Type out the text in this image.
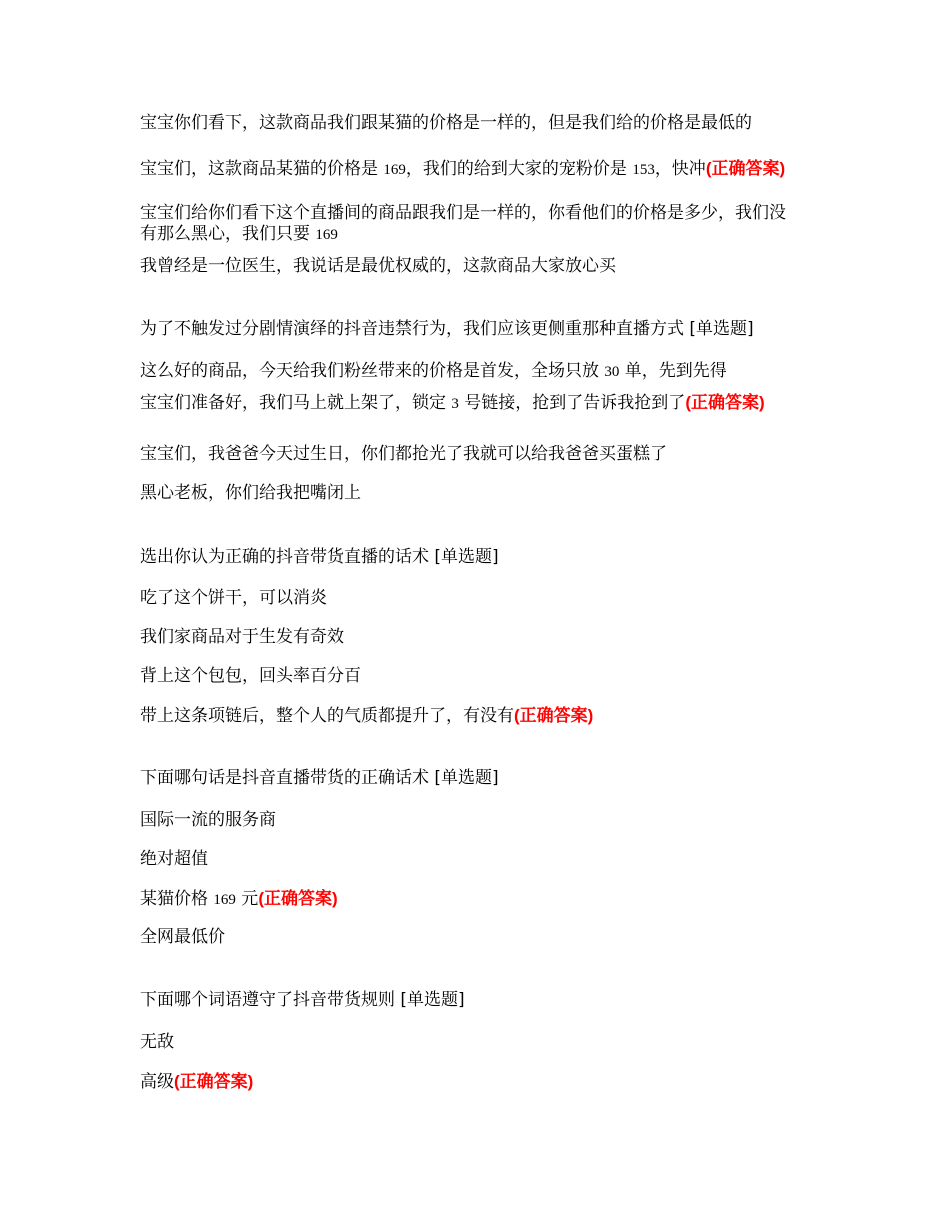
宝宝你们看下，这款商品我们跟某猫的价格是一样的，但是我们给的价格是最低的
宝宝们，这款商品某猫的价格是 169，我们的给到大家的宠粉价是 153，快冲(正确答案)
宝宝们给你们看下这个直播间的商品跟我们是一样的，你看他们的价格是多少，我们没有那么黑心，我们只要 169
我曾经是一位医生，我说话是最优权威的，这款商品大家放心买
为了不触发过分剧情演绎的抖音违禁行为，我们应该更侧重那种直播方式 [单选题]
这么好的商品，今天给我们粉丝带来的价格是首发，全场只放 30 单，先到先得
宝宝们准备好，我们马上就上架了，锁定 3 号链接，抢到了告诉我抢到了(正确答案)
宝宝们，我爸爸今天过生日，你们都抢光了我就可以给我爸爸买蛋糕了
黑心老板，你们给我把嘴闭上
选出你认为正确的抖音带货直播的话术 [单选题]
吃了这个饼干，可以消炎
我们家商品对于生发有奇效
背上这个包包，回头率百分百
带上这条项链后，整个人的气质都提升了，有没有(正确答案)
下面哪句话是抖音直播带货的正确话术 [单选题]
国际一流的服务商
绝对超值
某猫价格 169 元(正确答案)
全网最低价
下面哪个词语遵守了抖音带货规则 [单选题]
无敌
高级(正确答案)
